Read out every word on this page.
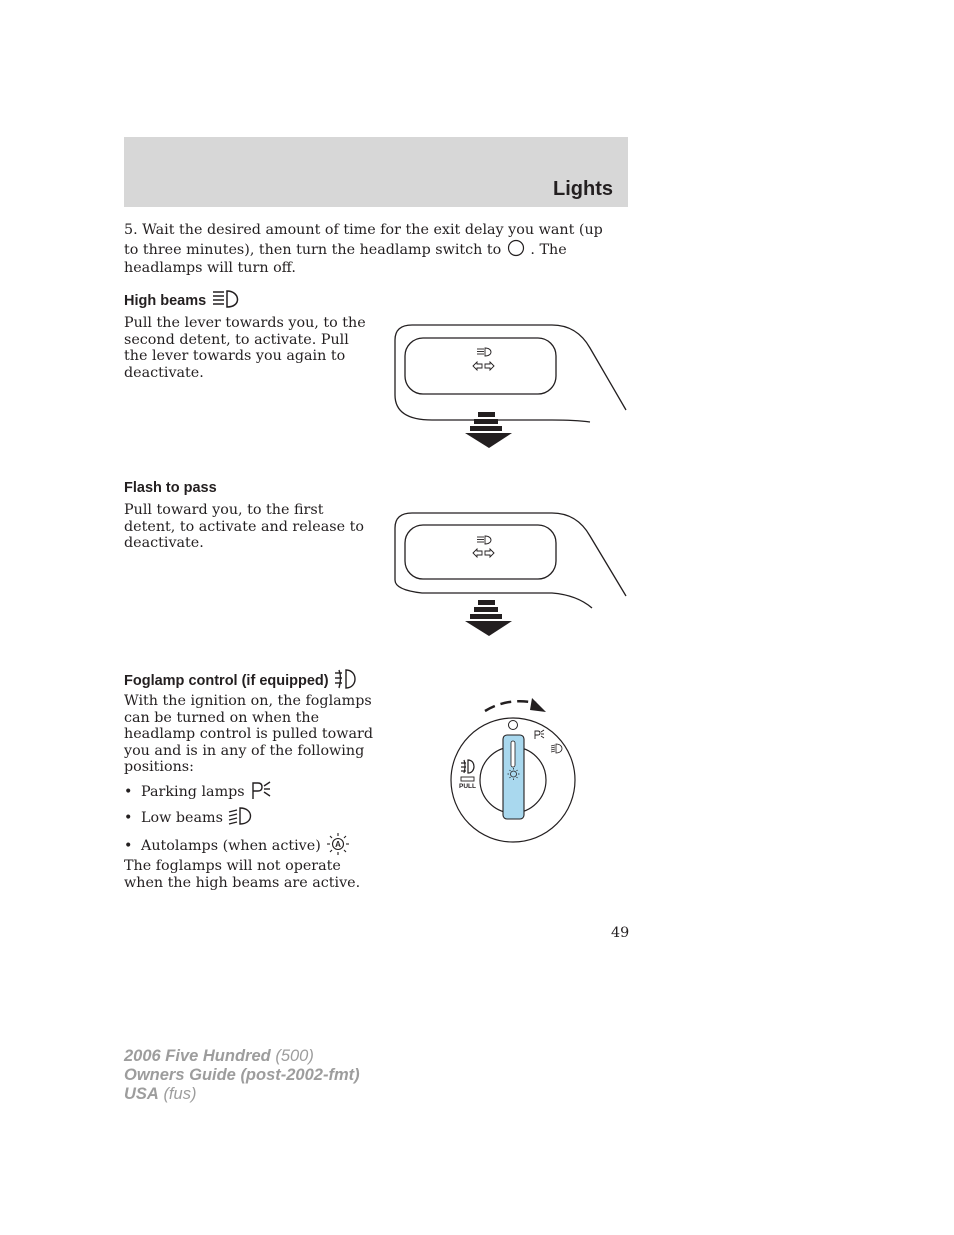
Lights
5. Wait the desired amount of time for the exit delay you want (up to three minutes), then turn the headlamp switch to . The headlamps will turn off.
High beams
Pull the lever towards you, to the second detent, to activate. Pull the lever towards you again to deactivate.
Flash to pass
Pull toward you, to the first detent, to activate and release to deactivate.
Foglamp control (if equipped)
With the ignition on, the foglamps can be turned on when the headlamp control is pulled toward you and is in any of the following positions:
• Parking lamps
• Low beams
• Autolamps (when active) A
The foglamps will not operate when the high beams are active.
PULL
49
2006 Five Hundred (500)
Owners Guide (post-2002-fmt)
USA (fus)
